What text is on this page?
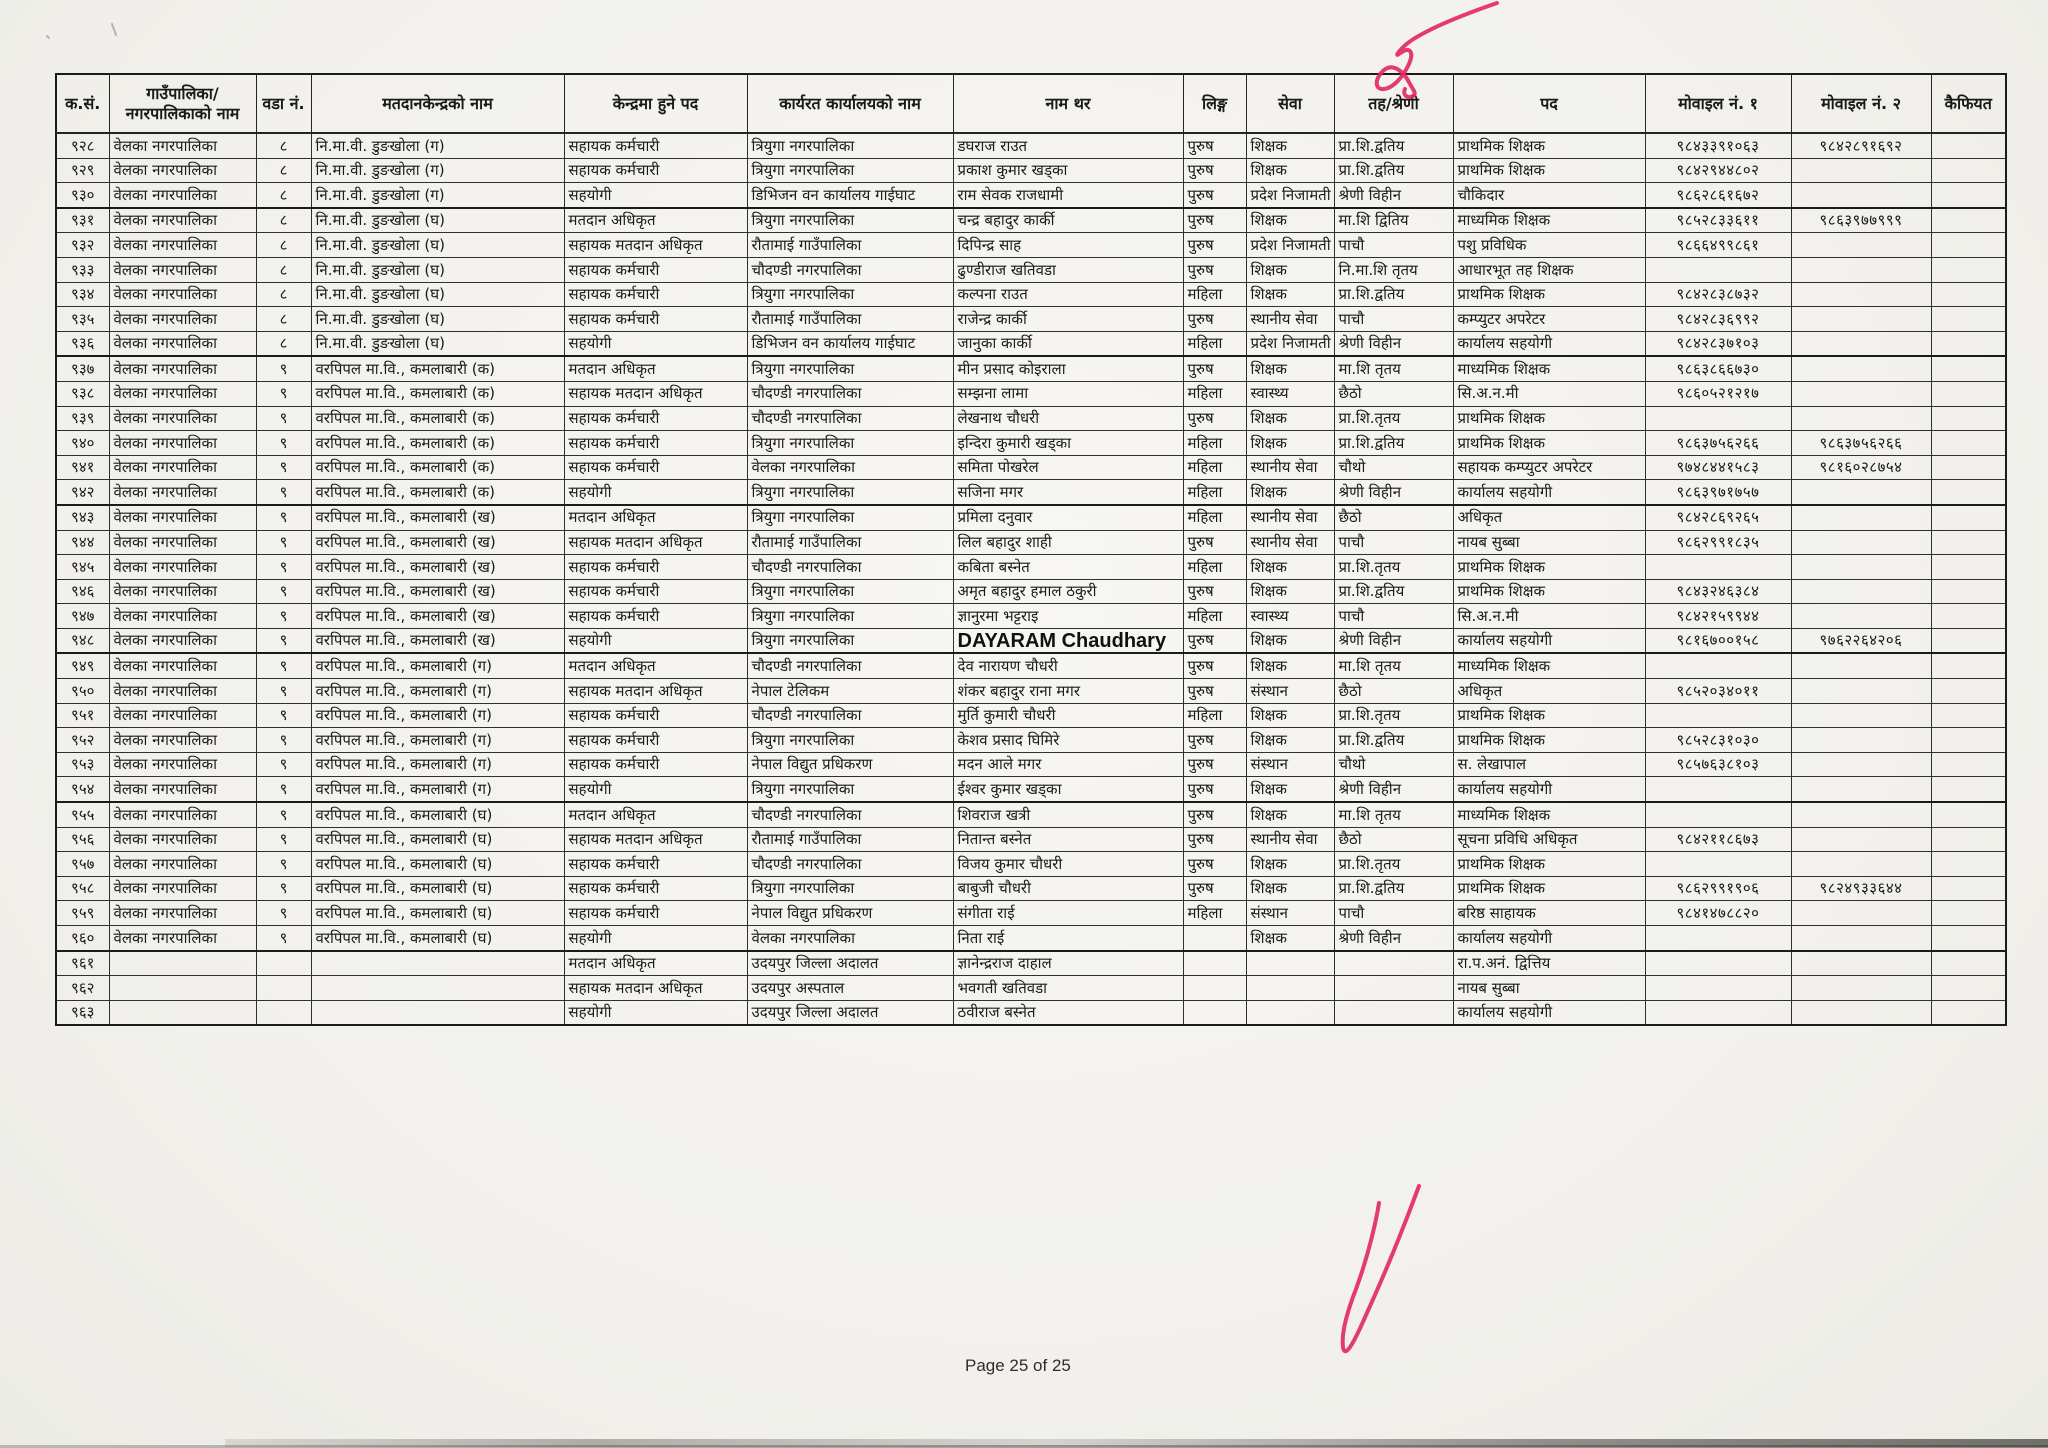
क.सं.	गाउँपालिका/नगरपालिकाको नाम	वडा नं.	मतदानकेन्द्रको नाम	केन्द्रमा हुने पद	कार्यरत कार्यालयको नाम	नाम थर	लिङ्ग	सेवा	तह/श्रेणी	पद	मोवाइल नं. १	मोवाइल नं. २	कैफियत
९२८	वेलका नगरपालिका	८	नि.मा.वी. डुङखोला (ग)	सहायक कर्मचारी	त्रियुगा नगरपालिका	डघराज राउत	पुरुष	शिक्षक	प्रा.शि.द्वतिय	प्राथमिक शिक्षक	९८४३३९१०६३	९८४२८९१६९२	
९२९	वेलका नगरपालिका	८	नि.मा.वी. डुङखोला (ग)	सहायक कर्मचारी	त्रियुगा नगरपालिका	प्रकाश कुमार खड्का	पुरुष	शिक्षक	प्रा.शि.द्वतिय	प्राथमिक शिक्षक	९८४२९४४८०२		
९३०	वेलका नगरपालिका	८	नि.मा.वी. डुङखोला (ग)	सहयोगी	डिभिजन वन कार्यालय गाईघाट	राम सेवक राजधामी	पुरुष	प्रदेश निजामती	श्रेणी विहीन	चौकिदार	९८६२८६१६७२		
९३१	वेलका नगरपालिका	८	नि.मा.वी. डुङखोला (घ)	मतदान अधिकृत	त्रियुगा नगरपालिका	चन्द्र बहादुर कार्की	पुरुष	शिक्षक	मा.शि द्वितिय	माध्यमिक शिक्षक	९८५२८३३६११	९८६३९७७९९९	
९३२	वेलका नगरपालिका	८	नि.मा.वी. डुङखोला (घ)	सहायक मतदान अधिकृत	रौतामाई गाउँपालिका	दिपिन्द्र साह	पुरुष	प्रदेश निजामती	पाचौ	पशु प्रविधिक	९८६६४९९८६१		
९३३	वेलका नगरपालिका	८	नि.मा.वी. डुङखोला (घ)	सहायक कर्मचारी	चौदण्डी नगरपालिका	ढुण्डीराज खतिवडा	पुरुष	शिक्षक	नि.मा.शि तृतय	आधारभूत तह शिक्षक			
९३४	वेलका नगरपालिका	८	नि.मा.वी. डुङखोला (घ)	सहायक कर्मचारी	त्रियुगा नगरपालिका	कल्पना राउत	महिला	शिक्षक	प्रा.शि.द्वतिय	प्राथमिक शिक्षक	९८४२८३८७३२		
९३५	वेलका नगरपालिका	८	नि.मा.वी. डुङखोला (घ)	सहायक कर्मचारी	रौतामाई गाउँपालिका	राजेन्द्र कार्की	पुरुष	स्थानीय सेवा	पाचौ	कम्प्युटर अपरेटर	९८४२८३६९९२		
९३६	वेलका नगरपालिका	८	नि.मा.वी. डुङखोला (घ)	सहयोगी	डिभिजन वन कार्यालय गाईघाट	जानुका कार्की	महिला	प्रदेश निजामती	श्रेणी विहीन	कार्यालय सहयोगी	९८४२८३७१०३		
९३७	वेलका नगरपालिका	९	वरपिपल मा.वि., कमलाबारी (क)	मतदान अधिकृत	त्रियुगा नगरपालिका	मीन प्रसाद कोइराला	पुरुष	शिक्षक	मा.शि तृतय	माध्यमिक शिक्षक	९८६३८६६७३०		
९३८	वेलका नगरपालिका	९	वरपिपल मा.वि., कमलाबारी (क)	सहायक मतदान अधिकृत	चौदण्डी नगरपालिका	सम्झना लामा	महिला	स्वास्थ्य	छैठो	सि.अ.न.मी	९८६०५२१२१७		
९३९	वेलका नगरपालिका	९	वरपिपल मा.वि., कमलाबारी (क)	सहायक कर्मचारी	चौदण्डी नगरपालिका	लेखनाथ चौधरी	पुरुष	शिक्षक	प्रा.शि.तृतय	प्राथमिक शिक्षक			
९४०	वेलका नगरपालिका	९	वरपिपल मा.वि., कमलाबारी (क)	सहायक कर्मचारी	त्रियुगा नगरपालिका	इन्दिरा कुमारी खड्का	महिला	शिक्षक	प्रा.शि.द्वतिय	प्राथमिक शिक्षक	९८६३७५६२६६	९८६३७५६२६६	
९४१	वेलका नगरपालिका	९	वरपिपल मा.वि., कमलाबारी (क)	सहायक कर्मचारी	वेलका नगरपालिका	समिता पोखरेल	महिला	स्थानीय सेवा	चौथो	सहायक कम्प्युटर अपरेटर	९७४८४४१५८३	९८१६०२८७५४	
९४२	वेलका नगरपालिका	९	वरपिपल मा.वि., कमलाबारी (क)	सहयोगी	त्रियुगा नगरपालिका	सजिना मगर	महिला	शिक्षक	श्रेणी विहीन	कार्यालय सहयोगी	९८६३९७१७५७		
९४३	वेलका नगरपालिका	९	वरपिपल मा.वि., कमलाबारी (ख)	मतदान अधिकृत	त्रियुगा नगरपालिका	प्रमिला दनुवार	महिला	स्थानीय सेवा	छैठो	अधिकृत	९८४२८६९२६५		
९४४	वेलका नगरपालिका	९	वरपिपल मा.वि., कमलाबारी (ख)	सहायक मतदान अधिकृत	रौतामाई गाउँपालिका	लिल बहादुर शाही	पुरुष	स्थानीय सेवा	पाचौ	नायब सुब्बा	९८६२९९१८३५		
९४५	वेलका नगरपालिका	९	वरपिपल मा.वि., कमलाबारी (ख)	सहायक कर्मचारी	चौदण्डी नगरपालिका	कबिता बस्नेत	महिला	शिक्षक	प्रा.शि.तृतय	प्राथमिक शिक्षक			
९४६	वेलका नगरपालिका	९	वरपिपल मा.वि., कमलाबारी (ख)	सहायक कर्मचारी	त्रियुगा नगरपालिका	अमृत बहादुर हमाल ठकुरी	पुरुष	शिक्षक	प्रा.शि.द्वतिय	प्राथमिक शिक्षक	९८४३२४६३८४		
९४७	वेलका नगरपालिका	९	वरपिपल मा.वि., कमलाबारी (ख)	सहायक कर्मचारी	त्रियुगा नगरपालिका	ज्ञानुरमा भट्टराइ	महिला	स्वास्थ्य	पाचौ	सि.अ.न.मी	९८४२१५९९४४		
९४८	वेलका नगरपालिका	९	वरपिपल मा.वि., कमलाबारी (ख)	सहयोगी	त्रियुगा नगरपालिका	DAYARAM Chaudhary	पुरुष	शिक्षक	श्रेणी विहीन	कार्यालय सहयोगी	९८१६७००१५८	९७६२२६४२०६	
९४९	वेलका नगरपालिका	९	वरपिपल मा.वि., कमलाबारी (ग)	मतदान अधिकृत	चौदण्डी नगरपालिका	देव नारायण चौधरी	पुरुष	शिक्षक	मा.शि तृतय	माध्यमिक शिक्षक			
९५०	वेलका नगरपालिका	९	वरपिपल मा.वि., कमलाबारी (ग)	सहायक मतदान अधिकृत	नेपाल टेलिकम	शंकर बहादुर राना मगर	पुरुष	संस्थान	छैठो	अधिकृत	९८५२०३४०११		
९५१	वेलका नगरपालिका	९	वरपिपल मा.वि., कमलाबारी (ग)	सहायक कर्मचारी	चौदण्डी नगरपालिका	मुर्ति कुमारी चौधरी	महिला	शिक्षक	प्रा.शि.तृतय	प्राथमिक शिक्षक			
९५२	वेलका नगरपालिका	९	वरपिपल मा.वि., कमलाबारी (ग)	सहायक कर्मचारी	त्रियुगा नगरपालिका	केशव प्रसाद घिमिरे	पुरुष	शिक्षक	प्रा.शि.द्वतिय	प्राथमिक शिक्षक	९८५२८३१०३०		
९५३	वेलका नगरपालिका	९	वरपिपल मा.वि., कमलाबारी (ग)	सहायक कर्मचारी	नेपाल विद्युत प्रधिकरण	मदन आले मगर	पुरुष	संस्थान	चौथो	स. लेखापाल	९८५७६३८१०३		
९५४	वेलका नगरपालिका	९	वरपिपल मा.वि., कमलाबारी (ग)	सहयोगी	त्रियुगा नगरपालिका	ईश्वर कुमार खड्का	पुरुष	शिक्षक	श्रेणी विहीन	कार्यालय सहयोगी			
९५५	वेलका नगरपालिका	९	वरपिपल मा.वि., कमलाबारी (घ)	मतदान अधिकृत	चौदण्डी नगरपालिका	शिवराज खत्री	पुरुष	शिक्षक	मा.शि तृतय	माध्यमिक शिक्षक			
९५६	वेलका नगरपालिका	९	वरपिपल मा.वि., कमलाबारी (घ)	सहायक मतदान अधिकृत	रौतामाई गाउँपालिका	नितान्त बस्नेत	पुरुष	स्थानीय सेवा	छैठो	सूचना प्रविधि अधिकृत	९८४२११८६७३		
९५७	वेलका नगरपालिका	९	वरपिपल मा.वि., कमलाबारी (घ)	सहायक कर्मचारी	चौदण्डी नगरपालिका	विजय कुमार चौधरी	पुरुष	शिक्षक	प्रा.शि.तृतय	प्राथमिक शिक्षक			
९५८	वेलका नगरपालिका	९	वरपिपल मा.वि., कमलाबारी (घ)	सहायक कर्मचारी	त्रियुगा नगरपालिका	बाबुजी चौधरी	पुरुष	शिक्षक	प्रा.शि.द्वतिय	प्राथमिक शिक्षक	९८६२९९१९०६	९८२४९३३६४४	
९५९	वेलका नगरपालिका	९	वरपिपल मा.वि., कमलाबारी (घ)	सहायक कर्मचारी	नेपाल विद्युत प्रधिकरण	संगीता राई	महिला	संस्थान	पाचौ	बरिष्ठ साहायक	९८४१४७८८२०		
९६०	वेलका नगरपालिका	९	वरपिपल मा.वि., कमलाबारी (घ)	सहयोगी	वेलका नगरपालिका	निता राई		शिक्षक	श्रेणी विहीन	कार्यालय सहयोगी			
९६१				मतदान अधिकृत	उदयपुर जिल्ला अदालत	ज्ञानेन्द्रराज दाहाल				रा.प.अनं. द्वित्तिय			
९६२				सहायक मतदान अधिकृत	उदयपुर अस्पताल	भवगती खतिवडा				नायब सुब्बा			
९६३				सहयोगी	उदयपुर जिल्ला अदालत	ठवीराज बस्नेत				कार्यालय सहयोगी			
Page 25 of 25
